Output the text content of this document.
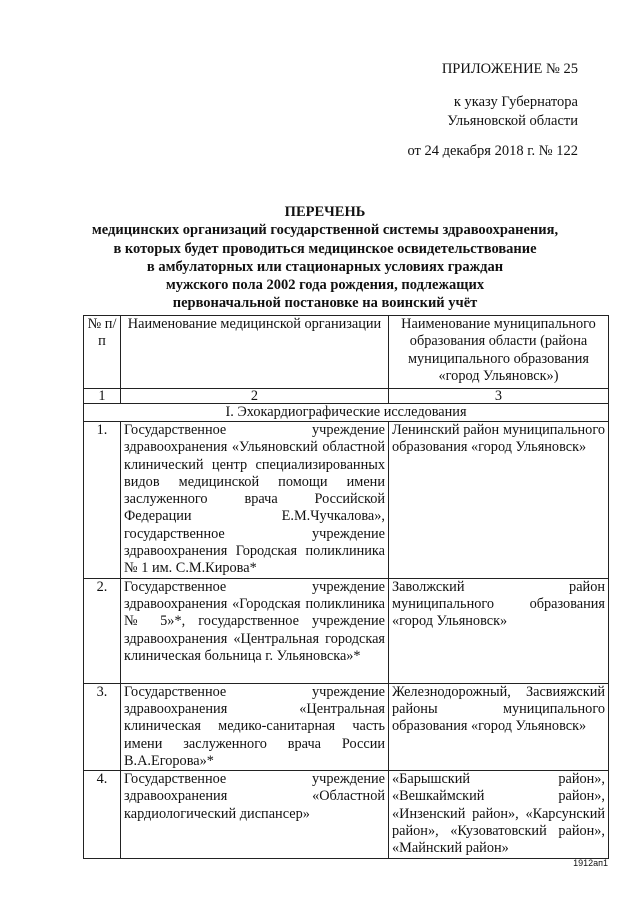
ПРИЛОЖЕНИЕ № 25
к указу Губернатора
Ульяновской области
от 24 декабря 2018 г. № 122
ПЕРЕЧЕНЬ
медицинских организаций государственной системы здравоохранения,
в которых будет проводиться медицинское освидетельствование
в амбулаторных или стационарных условиях граждан
мужского пола 2002 года рождения, подлежащих
первоначальной постановке на воинский учёт
№ п/п	Наименование медицинской организации	Наименование муниципального образования области (района муниципального образования «город Ульяновск»)
1	2	3
I. Эхокардиографические исследования		
1.	Государственное учреждение здравоохранения «Ульяновский областной клинический центр специализированных видов медицинской помощи имени заслуженного врача Российской Федерации Е.М.Чучкалова», государственное учреждение здравоохранения Городская поликлиника № 1 им. С.М.Кирова*	Ленинский район муниципального образования «город Ульяновск»
2.	Государственное учреждение здравоохранения «Городская поликлиника № 5»*, государственное учреждение здравоохранения «Центральная городская клиническая больница г. Ульяновска»*	Заволжский район муниципального образования «город Ульяновск»
3.	Государственное учреждение здравоохранения «Центральная клиническая медико-санитарная часть имени заслуженного врача России В.А.Егорова»*	Железнодорожный, Засвияжский районы муниципального образования «город Ульяновск»
4.	Государственное учреждение здравоохранения «Областной кардиологический диспансер»	«Барышский район», «Вешкаймский район», «Инзенский район», «Карсунский район», «Кузоватовский район», «Майнский район»
1912ап1
